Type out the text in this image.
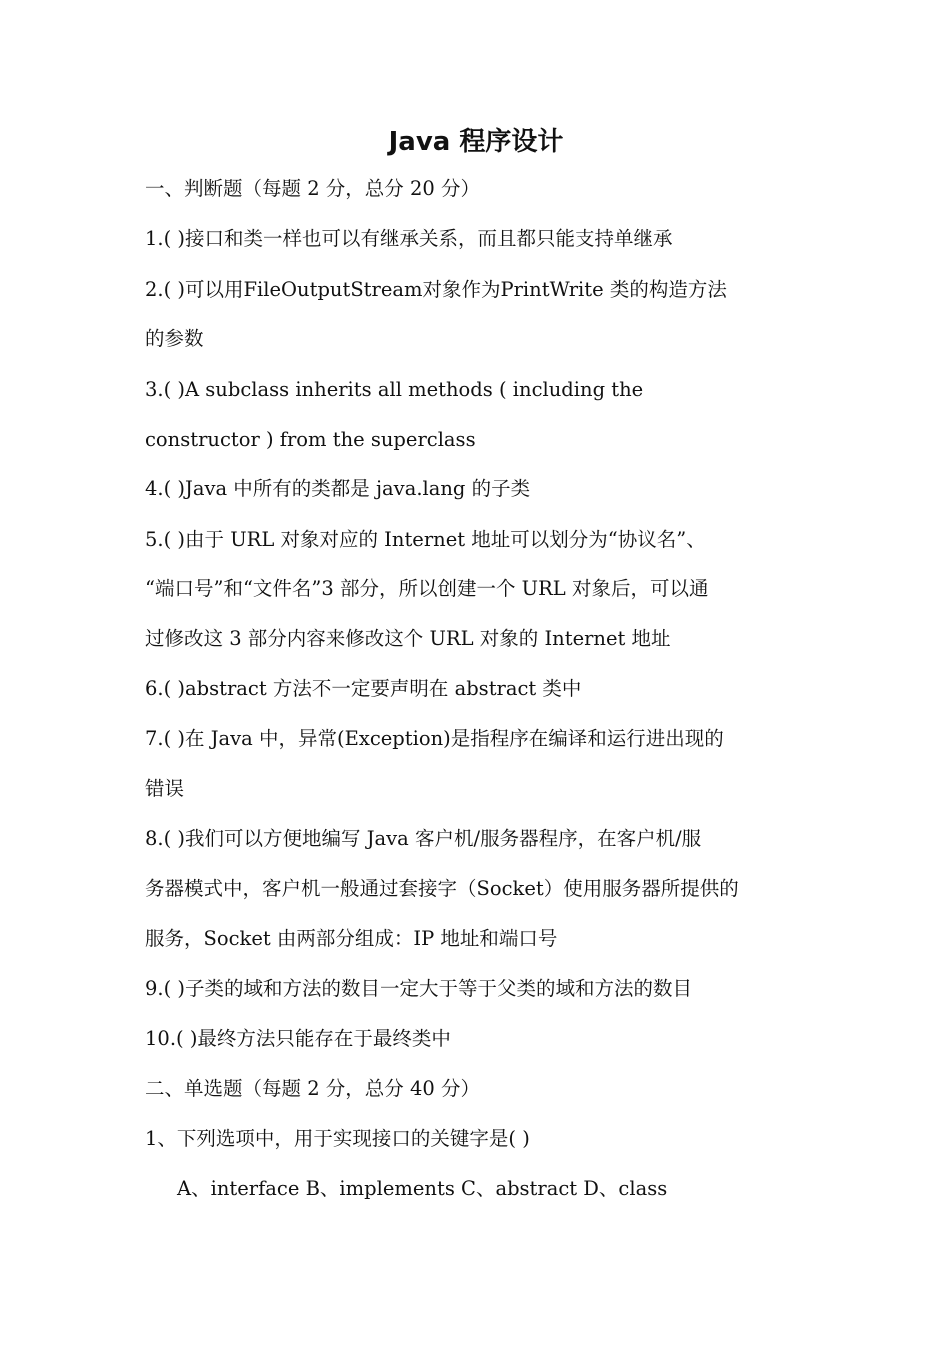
Java 程序设计
一、判断题（每题 2 分，总分 20 分）
1.( )接口和类一样也可以有继承关系，而且都只能支持单继承
2.( )可以用FileOutputStream对象作为PrintWrite 类的构造方法
的参数
3.( )A subclass inherits all methods ( including the
constructor ) from the superclass
4.( )Java 中所有的类都是 java.lang 的子类
5.( )由于 URL 对象对应的 Internet 地址可以划分为“协议名”、
“端口号”和“文件名”3 部分，所以创建一个 URL 对象后，可以通
过修改这 3 部分内容来修改这个 URL 对象的 Internet 地址
6.( )abstract 方法不一定要声明在 abstract 类中
7.( )在 Java 中，异常(Exception)是指程序在编译和运行进出现的
错误
8.( )我们可以方便地编写 Java 客户机/服务器程序，在客户机/服
务器模式中，客户机一般通过套接字（Socket）使用服务器所提供的
服务，Socket 由两部分组成：IP 地址和端口号
9.( )子类的域和方法的数目一定大于等于父类的域和方法的数目
10.( )最终方法只能存在于最终类中
二、单选题（每题 2 分，总分 40 分）
1、下列选项中，用于实现接口的关键字是( )
A、interface B、implements C、abstract D、class
